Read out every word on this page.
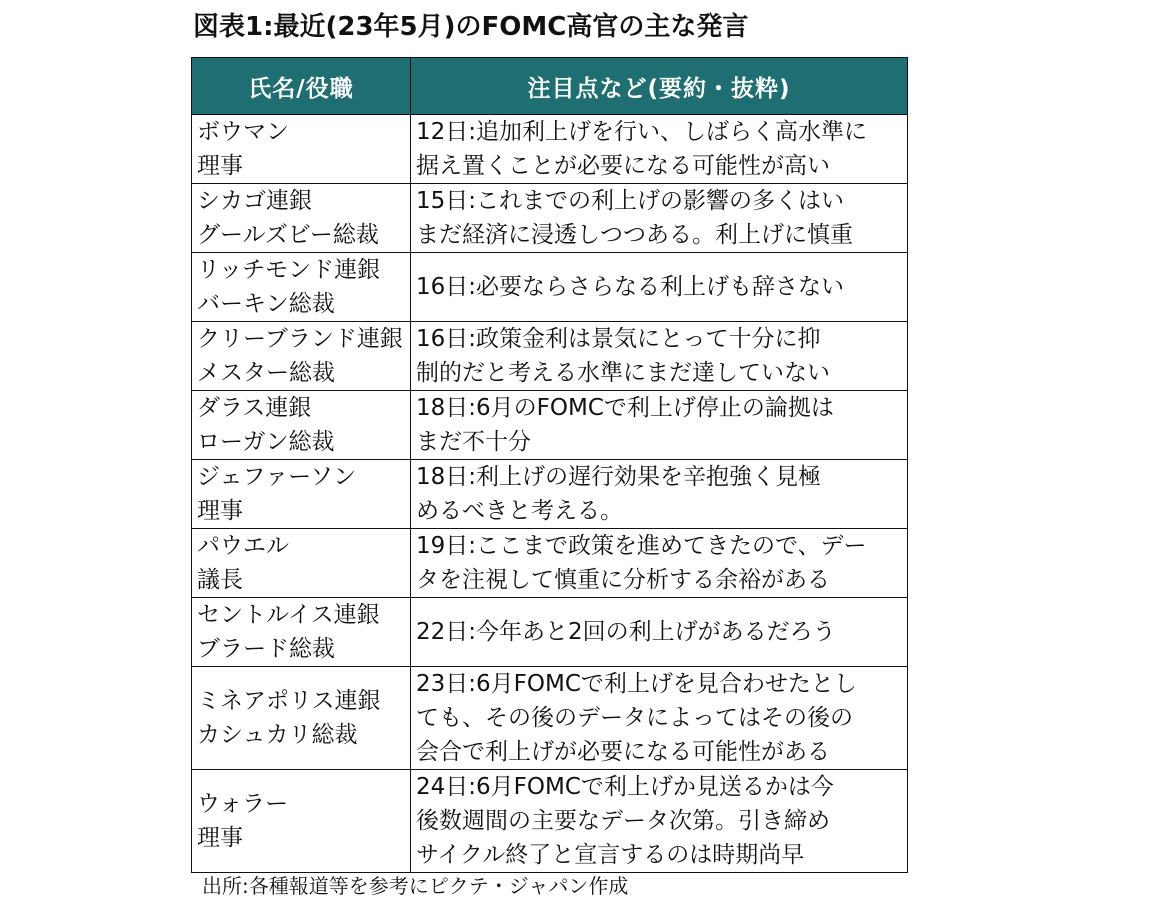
図表1:最近(23年5月)のFOMC高官の主な発言
氏名/役職	注目点など(要約・抜粋)

ボウマン
理事	12日:追加利上げを行い、しばらく高水準に
据え置くことが必要になる可能性が高い

シカゴ連銀
グールズビー総裁	15日:これまでの利上げの影響の多くはい
まだ経済に浸透しつつある。利上げに慎重

リッチモンド連銀
バーキン総裁	16日:必要ならさらなる利上げも辞さない

クリーブランド連銀
メスター総裁	16日:政策金利は景気にとって十分に抑
制的だと考える水準にまだ達していない

ダラス連銀
ローガン総裁	18日:6月のFOMCで利上げ停止の論拠は
まだ不十分

ジェファーソン
理事	18日:利上げの遅行効果を辛抱強く見極
めるべきと考える。

パウエル
議長	19日:ここまで政策を進めてきたので、デー
タを注視して慎重に分析する余裕がある

セントルイス連銀
ブラード総裁	22日:今年あと2回の利上げがあるだろう

ミネアポリス連銀
カシュカリ総裁	23日:6月FOMCで利上げを見合わせたとし
ても、その後のデータによってはその後の
会合で利上げが必要になる可能性がある

ウォラー
理事	24日:6月FOMCで利上げか見送るかは今
後数週間の主要なデータ次第。引き締め
サイクル終了と宣言するのは時期尚早
出所:各種報道等を参考にピクテ・ジャパン作成
